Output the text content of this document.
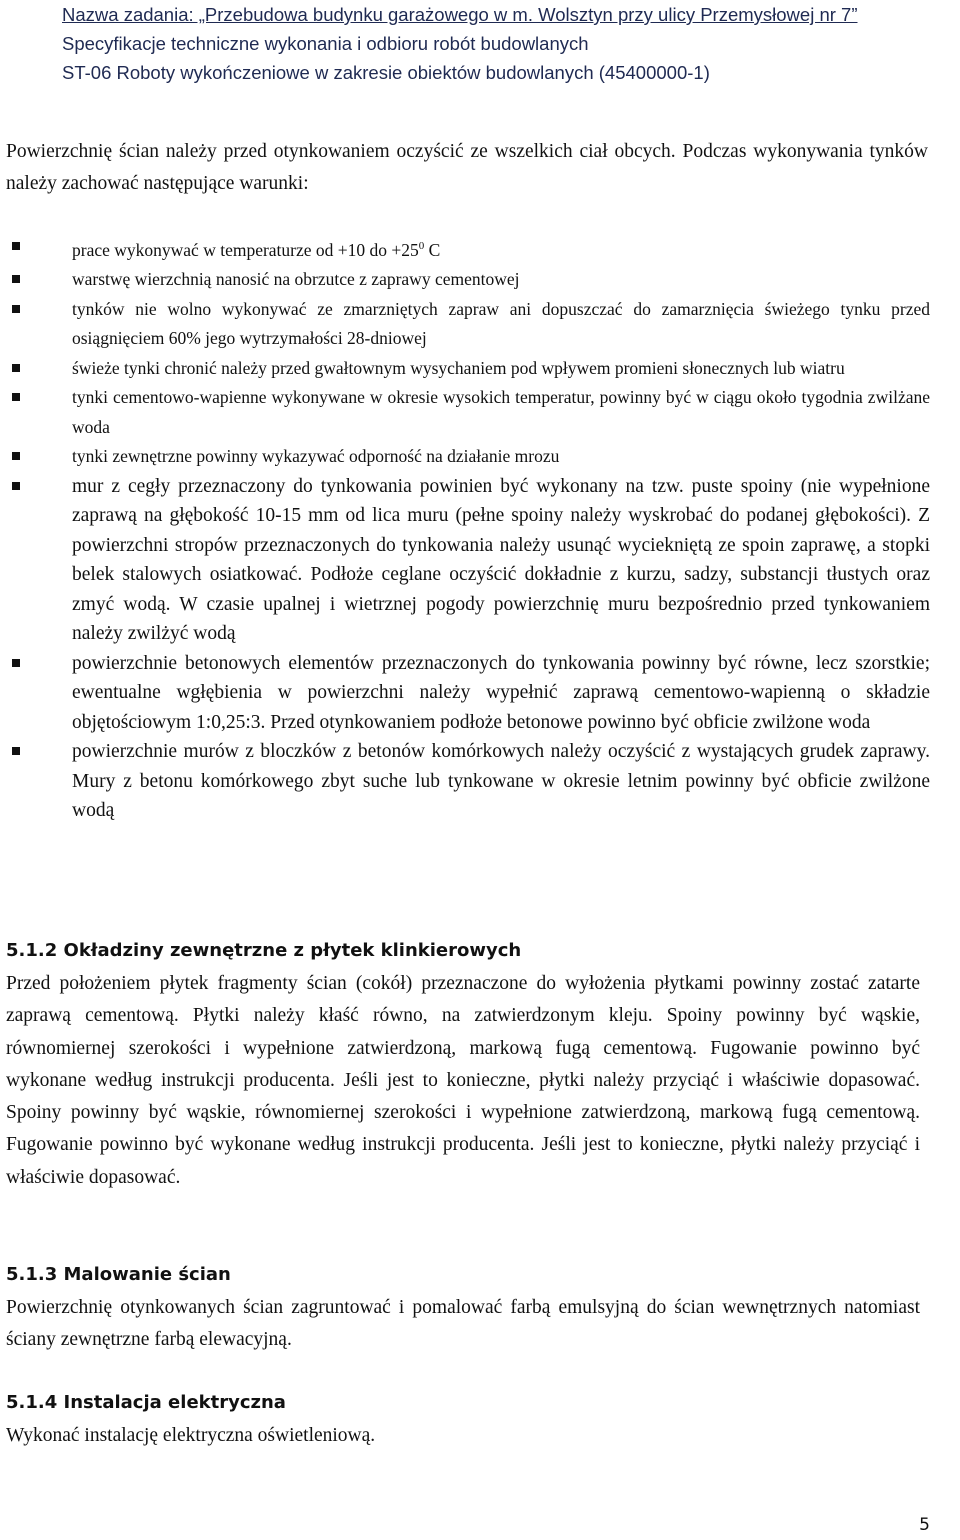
Nazwa zadania: „Przebudowa budynku garażowego w m. Wolsztyn przy ulicy Przemysłowej nr 7”
Specyfikacje techniczne wykonania i odbioru robót budowlanych
ST-06 Roboty wykończeniowe w zakresie obiektów budowlanych (45400000-1)
Powierzchnię ścian należy przed otynkowaniem oczyścić ze wszelkich ciał obcych. Podczas wykonywania tynków należy zachować następujące warunki:
prace wykonywać w temperaturze od +10 do $+25^0$ C
warstwę wierzchnią nanosić na obrzutce z zaprawy cementowej
tynków nie wolno wykonywać ze zmarzniętych zapraw ani dopuszczać do zamarznięcia świeżego tynku przed osiągnięciem 60% jego wytrzymałości 28-dniowej
świeże tynki chronić należy przed gwałtownym wysychaniem pod wpływem promieni słonecznych lub wiatru
tynki cementowo-wapienne wykonywane w okresie wysokich temperatur, powinny być w ciągu około tygodnia zwilżane woda
tynki zewnętrzne powinny wykazywać odporność na działanie mrozu
mur z cegły przeznaczony do tynkowania powinien być wykonany na tzw. puste spoiny (nie wypełnione zaprawą na głębokość 10-15 mm od lica muru (pełne spoiny należy wyskrobać do podanej głębokości). Z powierzchni stropów przeznaczonych do tynkowania należy usunąć wyciekniętą ze spoin zaprawę, a stopki belek stalowych osiatkować. Podłoże ceglane oczyścić dokładnie z kurzu, sadzy, substancji tłustych oraz zmyć wodą. W czasie upalnej i wietrznej pogody powierzchnię muru bezpośrednio przed tynkowaniem należy zwilżyć wodą
powierzchnie betonowych elementów przeznaczonych do tynkowania powinny być równe, lecz szorstkie; ewentualne wgłębienia w powierzchni należy wypełnić zaprawą cementowo-wapienną o składzie objętościowym 1:0,25:3. Przed otynkowaniem podłoże betonowe powinno być obficie zwilżone woda
powierzchnie murów z bloczków z betonów komórkowych należy oczyścić z wystających grudek zaprawy. Mury z betonu komórkowego zbyt suche lub tynkowane w okresie letnim powinny być obficie zwilżone wodą
5.1.2 Okładziny zewnętrzne z płytek klinkierowych
Przed położeniem płytek fragmenty ścian (cokół) przeznaczone do wyłożenia płytkami powinny zostać zatarte zaprawą cementową. Płytki należy kłaść równo, na zatwierdzonym kleju. Spoiny powinny być wąskie, równomiernej szerokości i wypełnione zatwierdzoną, markową fugą cementową. Fugowanie powinno być wykonane według instrukcji producenta. Jeśli jest to konieczne, płytki należy przyciąć i właściwie dopasować. Spoiny powinny być wąskie, równomiernej szerokości i wypełnione zatwierdzoną, markową fugą cementową. Fugowanie powinno być wykonane według instrukcji producenta. Jeśli jest to konieczne, płytki należy przyciąć i właściwie dopasować.
5.1.3 Malowanie ścian
Powierzchnię otynkowanych ścian zagruntować i pomalować farbą emulsyjną do ścian wewnętrznych natomiast ściany zewnętrzne farbą elewacyjną.
5.1.4 Instalacja elektryczna
Wykonać instalację elektryczna oświetleniową.
5
